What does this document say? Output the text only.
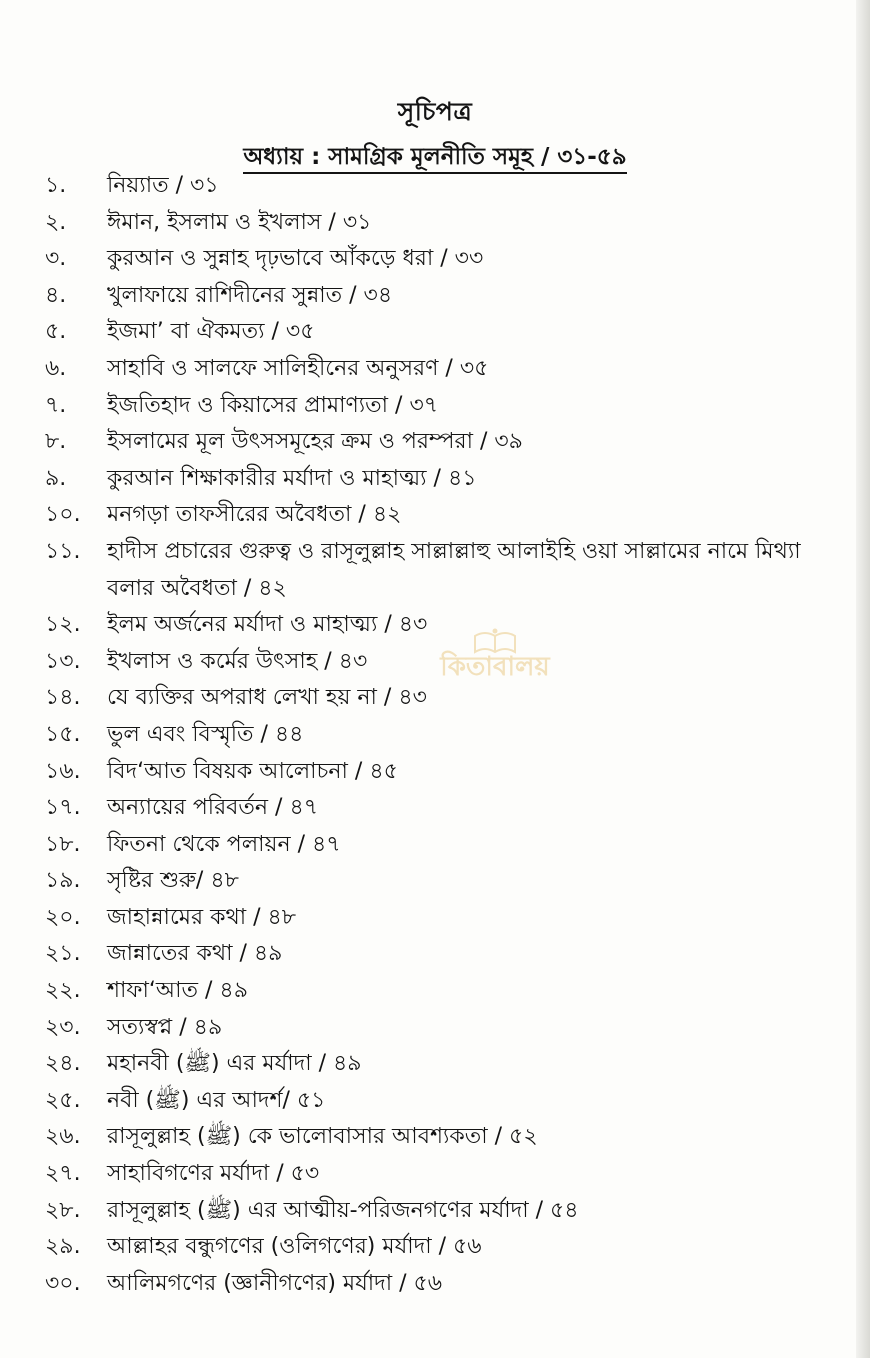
সূচিপত্র
অধ্যায় : সামগ্রিক মূলনীতি সমূহ / ৩১-৫৯
১.	নিয়্যাত / ৩১
২.	ঈমান, ইসলাম ও ইখলাস / ৩১
৩.	কুরআন ও সুন্নাহ দৃঢ়ভাবে আঁকড়ে ধরা / ৩৩
৪.	খুলাফায়ে রাশিদীনের সুন্নাত / ৩৪
৫.	ইজমা’ বা ঐকমত্য / ৩৫
৬.	সাহাবি ও সালফে সালিহীনের অনুসরণ / ৩৫
৭.	ইজতিহাদ ও কিয়াসের প্রামাণ্যতা / ৩৭
৮.	ইসলামের মূল উৎসসমূহের ক্রম ও পরম্পরা / ৩৯
৯.	কুরআন শিক্ষাকারীর মর্যাদা ও মাহাত্ম্য / ৪১
১০.	মনগড়া তাফসীরের অবৈধতা / ৪২
১১.	হাদীস প্রচারের গুরুত্ব ও রাসূলুল্লাহ সাল্লাল্লাহু আলাইহি ওয়া সাল্লামের নামে মিথ্যা বলার অবৈধতা / ৪২
১২.	ইলম অর্জনের মর্যাদা ও মাহাত্ম্য / ৪৩
১৩.	ইখলাস ও কর্মের উৎসাহ / ৪৩
১৪.	যে ব্যক্তির অপরাধ লেখা হয় না / ৪৩
১৫.	ভুল এবং বিস্মৃতি / ৪৪
১৬.	বিদ‘আত বিষয়ক আলোচনা / ৪৫
১৭.	অন্যায়ের পরিবর্তন / ৪৭
১৮.	ফিতনা থেকে পলায়ন / ৪৭
১৯.	সৃষ্টির শুরু/ ৪৮
২০.	জাহান্নামের কথা / ৪৮
২১.	জান্নাতের কথা / ৪৯
২২.	শাফা‘আত / ৪৯
২৩.	সত্যস্বপ্ন / ৪৯
২৪.	মহানবী (ﷺ) এর মর্যাদা / ৪৯
২৫.	নবী (ﷺ) এর আদর্শ/ ৫১
২৬.	রাসূলুল্লাহ (ﷺ) কে ভালোবাসার আবশ্যকতা / ৫২
২৭.	সাহাবিগণের মর্যাদা / ৫৩
২৮.	রাসূলুল্লাহ (ﷺ) এর আত্মীয়-পরিজনগণের মর্যাদা / ৫৪
২৯.	আল্লাহর বন্ধুগণের (ওলিগণের) মর্যাদা / ৫৬
৩০.	আলিমগণের (জ্ঞানীগণের) মর্যাদা / ৫৬
কিতাবালয়
